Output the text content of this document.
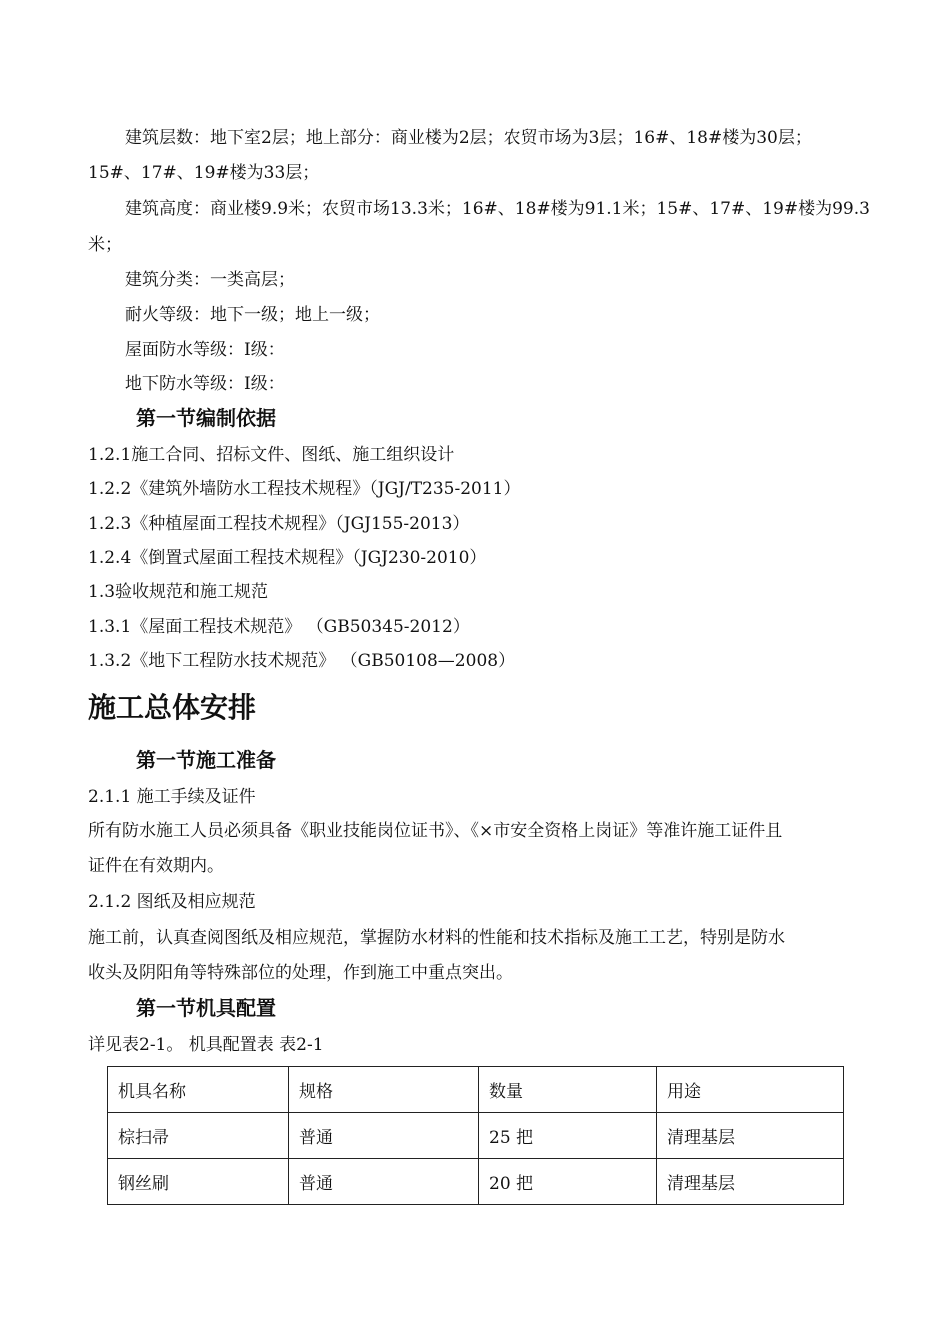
建筑层数：地下室2层；地上部分：商业楼为2层；农贸市场为3层；16#、18#楼为30层；
15#、17#、19#楼为33层；
建筑高度：商业楼9.9米；农贸市场13.3米；16#、18#楼为91.1米；15#、17#、19#楼为99.3
米；
建筑分类：一类高层；
耐火等级：地下一级；地上一级；
屋面防水等级：Ⅰ级：
地下防水等级：Ⅰ级：
第一节编制依据
1.2.1施工合同、招标文件、图纸、施工组织设计
1.2.2《建筑外墙防水工程技术规程》（JGJ/T235-2011）
1.2.3《种植屋面工程技术规程》（JGJ155-2013）
1.2.4《倒置式屋面工程技术规程》（JGJ230-2010）
1.3验收规范和施工规范
1.3.1《屋面工程技术规范》 （GB50345-2012）
1.3.2《地下工程防水技术规范》 （GB50108—2008）
施工总体安排
第一节施工准备
2.1.1 施工手续及证件
所有防水施工人员必须具备《职业技能岗位证书》、《×市安全资格上岗证》等准许施工证件且
证件在有效期内。
2.1.2 图纸及相应规范
施工前，认真查阅图纸及相应规范，掌握防水材料的性能和技术指标及施工工艺，特别是防水
收头及阴阳角等特殊部位的处理，作到施工中重点突出。
第一节机具配置
详见表2-1。 机具配置表 表2-1
机具名称	规格	数量	用途
棕扫帚	普通	25 把	清理基层
钢丝刷	普通	20 把	清理基层
